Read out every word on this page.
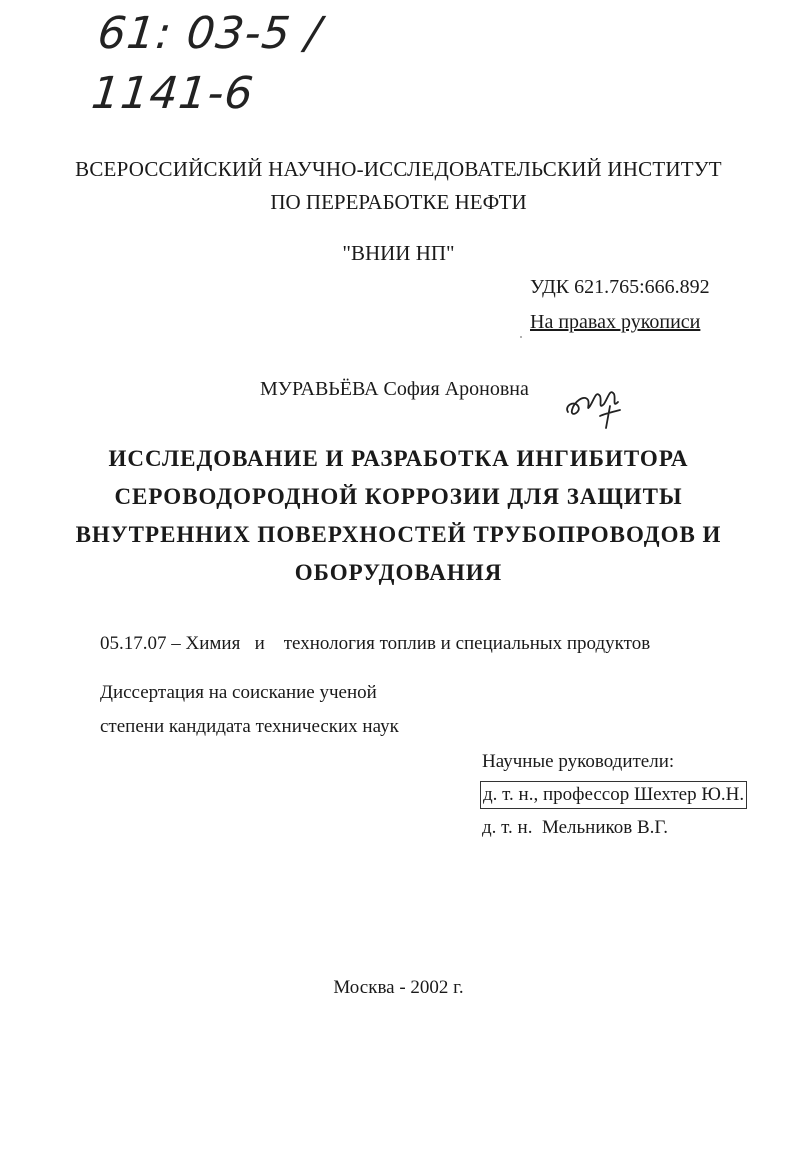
61: 03-5 / 1141-6
ВСЕРОССИЙСКИЙ НАУЧНО-ИССЛЕДОВАТЕЛЬСКИЙ ИНСТИТУТ
ПО ПЕРЕРАБОТКЕ НЕФТИ
"ВНИИ НП"
УДК 621.765:666.892
На правах рукописи
МУРАВЬЁВА София Ароновна
ИССЛЕДОВАНИЕ И РАЗРАБОТКА ИНГИБИТОРА
СЕРОВОДОРОДНОЙ КОРРОЗИИ ДЛЯ ЗАЩИТЫ
ВНУТРЕННИХ ПОВЕРХНОСТЕЙ ТРУБОПРОВОДОВ И
ОБОРУДОВАНИЯ
05.17.07 – Химия   и    технология топлив и специальных продуктов
Диссертация на соискание ученой
степени кандидата технических наук
Научные руководители:
д. т. н., профессор Шехтер Ю.Н.
д. т. н.  Мельников В.Г.
Москва - 2002 г.
